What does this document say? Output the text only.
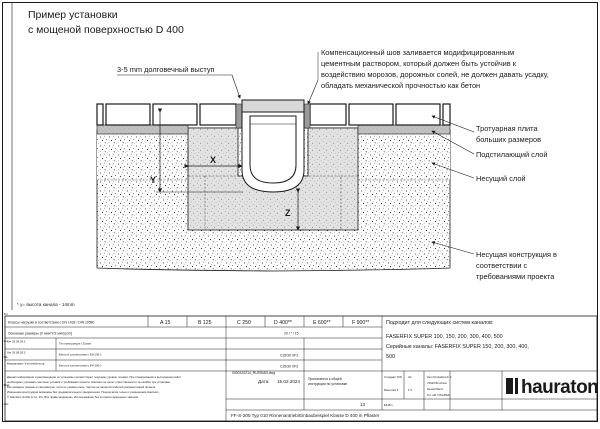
Zul
Zei
Ma
Blatt
Abs
Пример установки
с мощеной поверхностью D 400
X
Y
Z
3-5 mm долговечный выступ
Компенсационный шов заливается модифицированным
цементным раствором, который должен быть устойчив к
воздействию морозов, дорожных солей, не должен давать усадку,
обладать механической прочностью как бетон
Тротуарная плита
больших размеров
Подстилающий слой
Несущий слой
Несущая конструкция в
соответствии с
требованиями проекта
* у= высота канала - 14mm
Классы нагрузки в соответствии с EN 1433 / DIN 19580	A 15	B 125	C 250	D 400**	E 600**	F 900**
Основные размеры (X мин/Y/Z мин) [cm]	20 / * / 15
Ser 29.08 28.2
Ser 29.08 28.2
Маркировка / Kennzeichnung
Тип конструкции / Zusatz
Бетон в соответствии с ЕН 206-1
Бетон в соответствии с ЕН 206-1
C25/30 XF3
C25/30 XF3
Данная информация и рекомендации по установке соответствуют текущему уровню техники. При планировании и выполнении работ
необходимо учитывать местные условия и требования проекта. Hauraton не несет ответственности за ошибки при установке.
Все размеры указаны в сантиметрах, если не указано иное. Чертеж не является рабочей документацией проекта.
Изменения конструкции возможны без предварительного уведомления. Перепечатка только с разрешения Hauraton.
© Hauraton GmbH & Co. KG. Все права защищены. Использование без согласия запрещено законом.
Подходит для следующих систем каналов:
FASERFIX SUPER 100, 150, 200, 300, 400, 500
Серийные каналы: FASERFIX SUPER 150, 200, 300, 400,
500
0000120214_RUSSIAN.dwg
Дата: 15.02.2024 Прилагается к общей
инструкции по установке.
13
Стандарт DIN A4
Масштаб 6	1:6
E8 Bm
Zum Dunkelbruch 2
76646 Bruchsal
Deutschland
Tel +49 7251/6020	hauraton
FF-S-200 Typ 010 Rinnenantrieb/Einbaubeispiel Klasse D 400 in Pflaster
